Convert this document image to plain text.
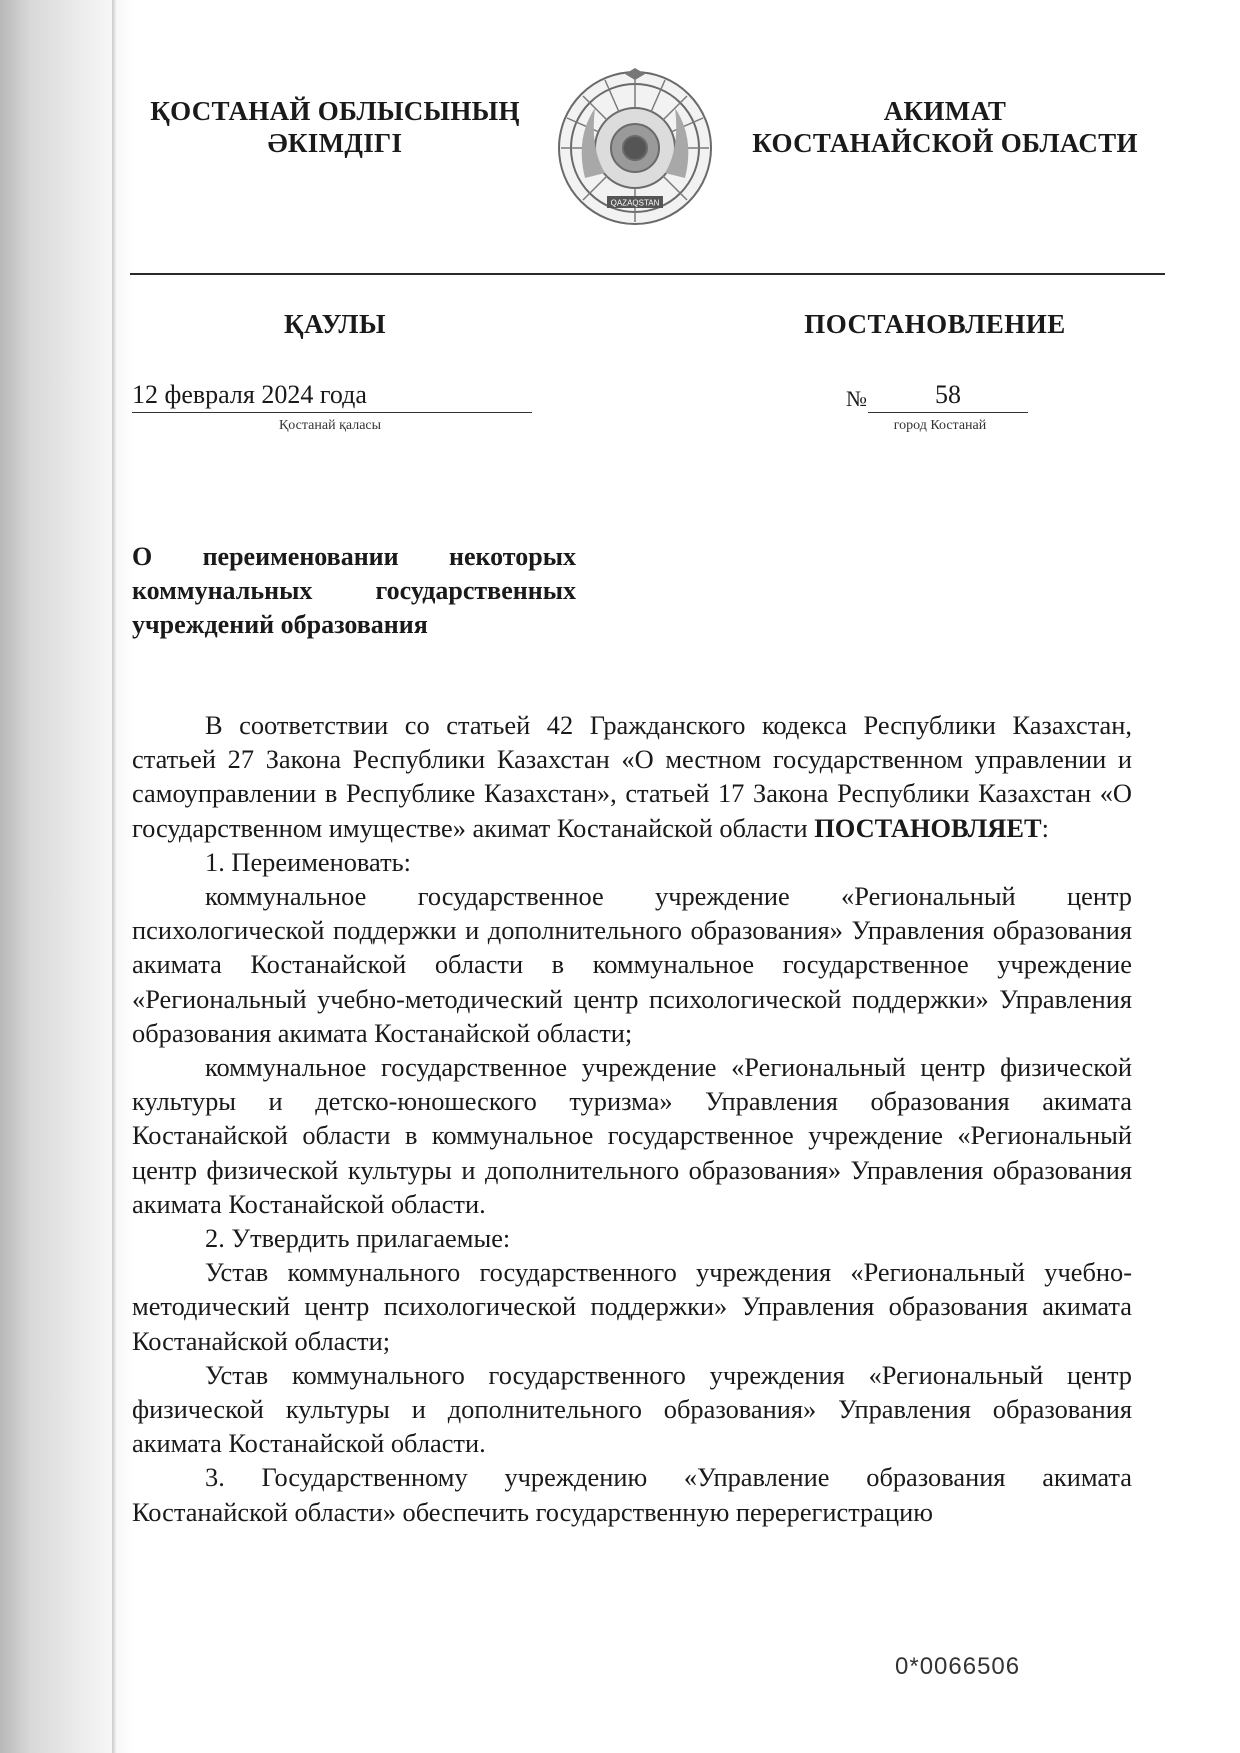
ҚОСТАНАЙ ОБЛЫСЫНЫҢ
ӘКІМДІГІ
QAZAQSTAN
АКИМАТ
КОСТАНАЙСКОЙ ОБЛАСТИ
ҚАУЛЫ	ПОСТАНОВЛЕНИЕ
12 февраля 2024 года
Қостанай қаласы
№	58
город Костанай
О переименовании некоторых коммунальных государственных учреждений образования

В соответствии со статьей 42 Гражданского кодекса Республики Казахстан, статьей 27 Закона Республики Казахстан «О местном государственном управлении и самоуправлении в Республике Казахстан», статьей 17 Закона Республики Казахстан «О государственном имуществе» акимат Костанайской области ПОСТАНОВЛЯЕТ:

1. Переименовать:

коммунальное государственное учреждение «Региональный центр психологической поддержки и дополнительного образования» Управления образования акимата Костанайской области в коммунальное государственное учреждение «Региональный учебно-методический центр психологической поддержки» Управления образования акимата Костанайской области;

коммунальное государственное учреждение «Региональный центр физической культуры и детско-юношеского туризма» Управления образования акимата Костанайской области в коммунальное государственное учреждение «Региональный центр физической культуры и дополнительного образования» Управления образования акимата Костанайской области.

2. Утвердить прилагаемые:

Устав коммунального государственного учреждения «Региональный учебно-методический центр психологической поддержки» Управления образования акимата Костанайской области;

Устав коммунального государственного учреждения «Региональный центр физической культуры и дополнительного образования» Управления образования акимата Костанайской области.

3. Государственному учреждению «Управление образования акимата Костанайской области» обеспечить государственную перерегистрацию

0*0066506
